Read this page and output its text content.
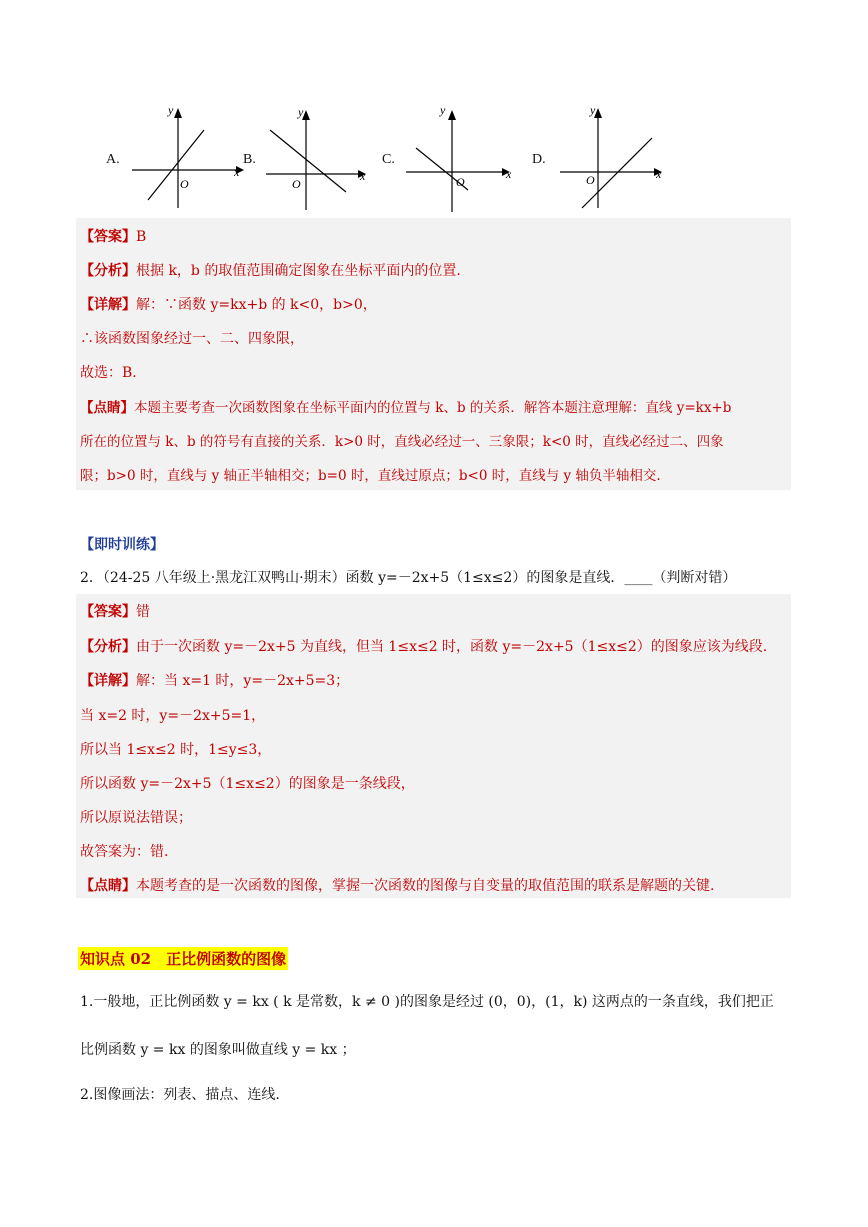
A.
y
x
O
B.
y
x
O
C.
y
x
O
D.
y
x
O
【答案】B
【分析】根据 k，b 的取值范围确定图象在坐标平面内的位置.
【详解】解：∵函数 y=kx+b 的 k<0，b>0，
∴该函数图象经过一、二、四象限，
故选：B.
【点睛】本题主要考查一次函数图象在坐标平面内的位置与 k、b 的关系．解答本题注意理解：直线 y=kx+b
所在的位置与 k、b 的符号有直接的关系．k>0 时，直线必经过一、三象限；k<0 时，直线必经过二、四象
限；b>0 时，直线与 y 轴正半轴相交；b=0 时，直线过原点；b<0 时，直线与 y 轴负半轴相交.
【即时训练】
2．（24-25 八年级上·黑龙江双鸭山·期末）函数 y=－2x+5（1≤x≤2）的图象是直线．____（判断对错）
【答案】错
【分析】由于一次函数 y=－2x+5 为直线，但当 1≤x≤2 时，函数 y=－2x+5（1≤x≤2）的图象应该为线段.
【详解】解：当 x=1 时，y=－2x+5=3；
当 x=2 时，y=－2x+5=1，
所以当 1≤x≤2 时，1≤y≤3，
所以函数 y=－2x+5（1≤x≤2）的图象是一条线段，
所以原说法错误；
故答案为：错.
【点睛】本题考查的是一次函数的图像，掌握一次函数的图像与自变量的取值范围的联系是解题的关键.
知识点 02　正比例函数的图像
1.一般地，正比例函数 y = kx ( k 是常数，k ≠ 0 )的图象是经过 (0，0)，(1，k) 这两点的一条直线，我们把正
比例函数 y = kx 的图象叫做直线 y = kx ；
2.图像画法：列表、描点、连线.
